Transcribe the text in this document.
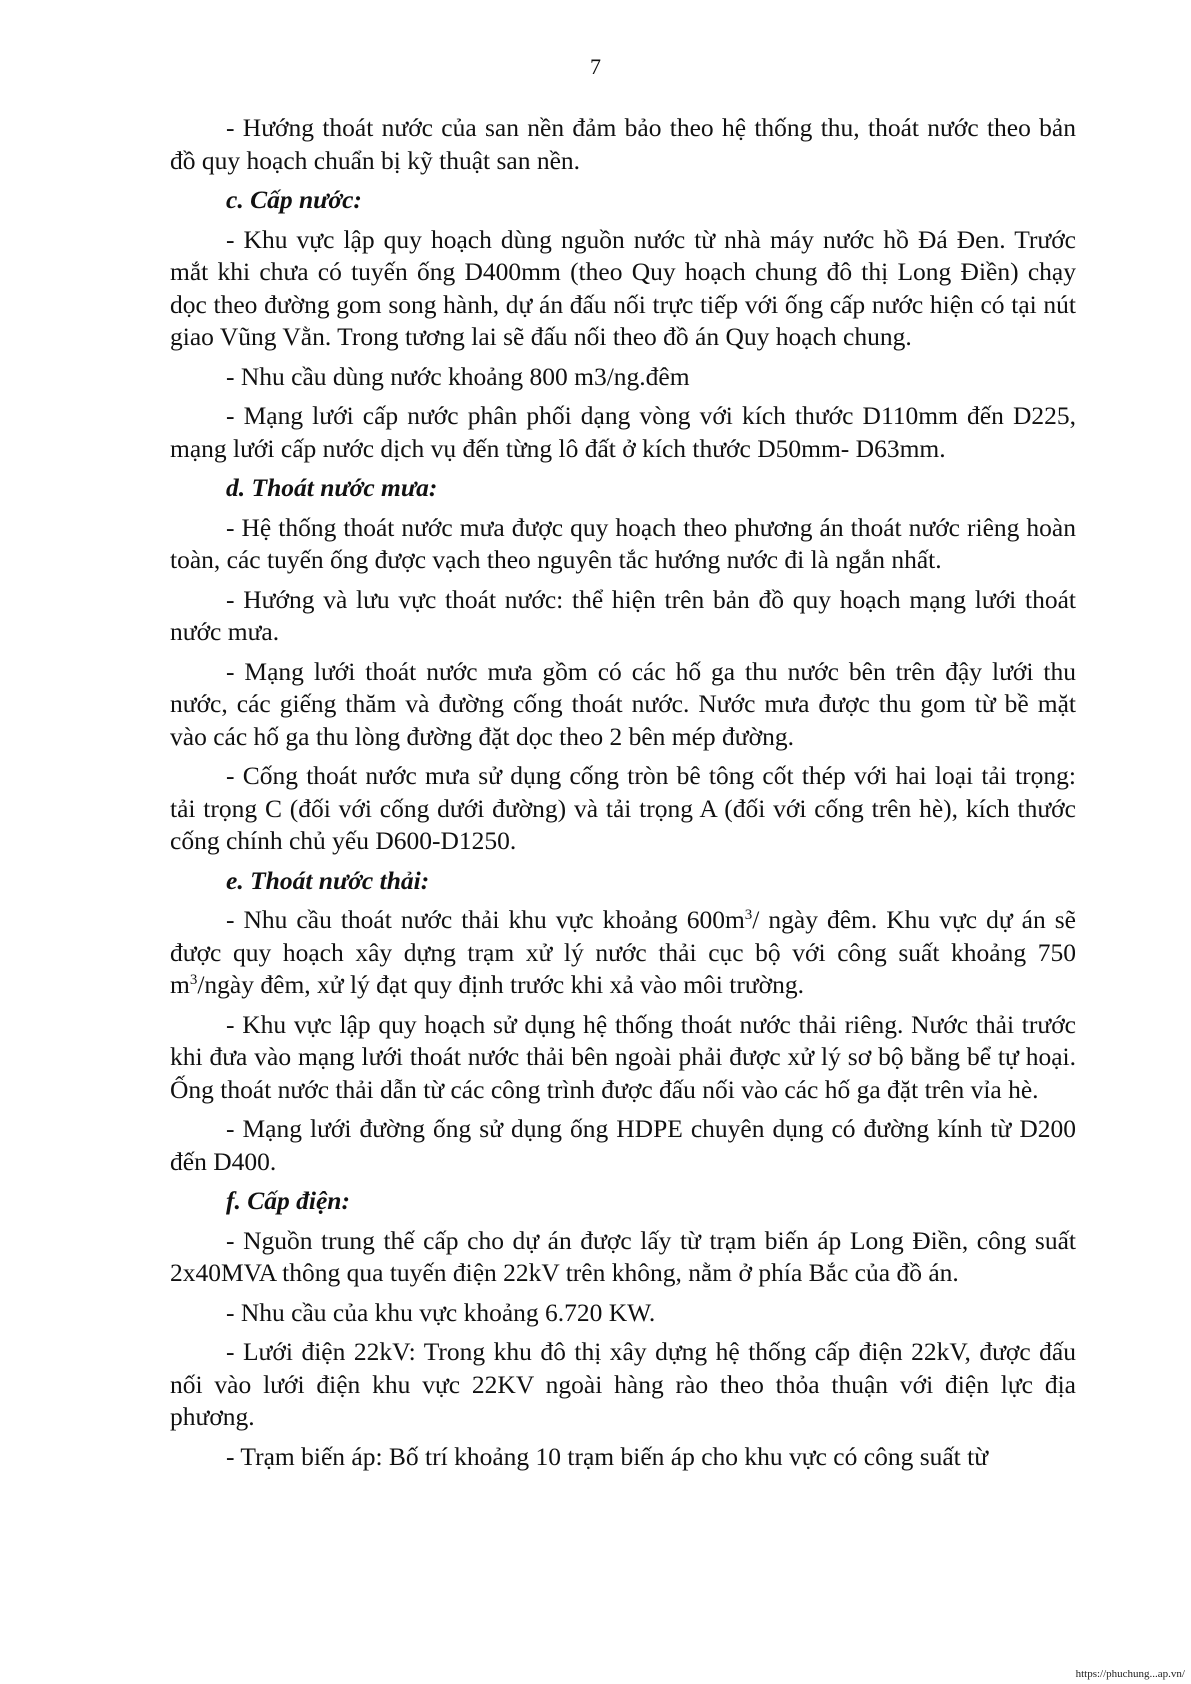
7

- Hướng thoát nước của san nền đảm bảo theo hệ thống thu, thoát nước theo bản đồ quy hoạch chuẩn bị kỹ thuật san nền.

c. Cấp nước:

- Khu vực lập quy hoạch dùng nguồn nước từ nhà máy nước hồ Đá Đen. Trước mắt khi chưa có tuyến ống D400mm (theo Quy hoạch chung đô thị Long Điền) chạy dọc theo đường gom song hành, dự án đấu nối trực tiếp với ống cấp nước hiện có tại nút giao Vũng Vằn. Trong tương lai sẽ đấu nối theo đồ án Quy hoạch chung.

- Nhu cầu dùng nước khoảng 800 m3/ng.đêm

- Mạng lưới cấp nước phân phối dạng vòng với kích thước D110mm đến D225, mạng lưới cấp nước dịch vụ đến từng lô đất ở kích thước D50mm- D63mm.

d. Thoát nước mưa:

- Hệ thống thoát nước mưa được quy hoạch theo phương án thoát nước riêng hoàn toàn, các tuyến ống được vạch theo nguyên tắc hướng nước đi là ngắn nhất.

- Hướng và lưu vực thoát nước: thể hiện trên bản đồ quy hoạch mạng lưới thoát nước mưa.

- Mạng lưới thoát nước mưa gồm có các hố ga thu nước bên trên đậy lưới thu nước, các giếng thăm và đường cống thoát nước. Nước mưa được thu gom từ bề mặt vào các hố ga thu lòng đường đặt dọc theo 2 bên mép đường.

- Cống thoát nước mưa sử dụng cống tròn bê tông cốt thép với hai loại tải trọng: tải trọng C (đối với cống dưới đường) và tải trọng A (đối với cống trên hè), kích thước cống chính chủ yếu D600-D1250.

e. Thoát nước thải:

- Nhu cầu thoát nước thải khu vực khoảng $600m^3/$ ngày đêm. Khu vực dự án sẽ được quy hoạch xây dựng trạm xử lý nước thải cục bộ với công suất khoảng 750 $m^3$/ngày đêm, xử lý đạt quy định trước khi xả vào môi trường.

- Khu vực lập quy hoạch sử dụng hệ thống thoát nước thải riêng. Nước thải trước khi đưa vào mạng lưới thoát nước thải bên ngoài phải được xử lý sơ bộ bằng bể tự hoại. Ống thoát nước thải dẫn từ các công trình được đấu nối vào các hố ga đặt trên vỉa hè.

- Mạng lưới đường ống sử dụng ống HDPE chuyên dụng có đường kính từ D200 đến D400.

f. Cấp điện:

- Nguồn trung thế cấp cho dự án được lấy từ trạm biến áp Long Điền, công suất 2x40MVA thông qua tuyến điện 22kV trên không, nằm ở phía Bắc của đồ án.

- Nhu cầu của khu vực khoảng 6.720 KW.

- Lưới điện 22kV: Trong khu đô thị xây dựng hệ thống cấp điện 22kV, được đấu nối vào lưới điện khu vực 22KV ngoài hàng rào theo thỏa thuận với điện lực địa phương.

- Trạm biến áp: Bố trí khoảng 10 trạm biến áp cho khu vực có công suất từ

https://phuchung...ap.vn/
